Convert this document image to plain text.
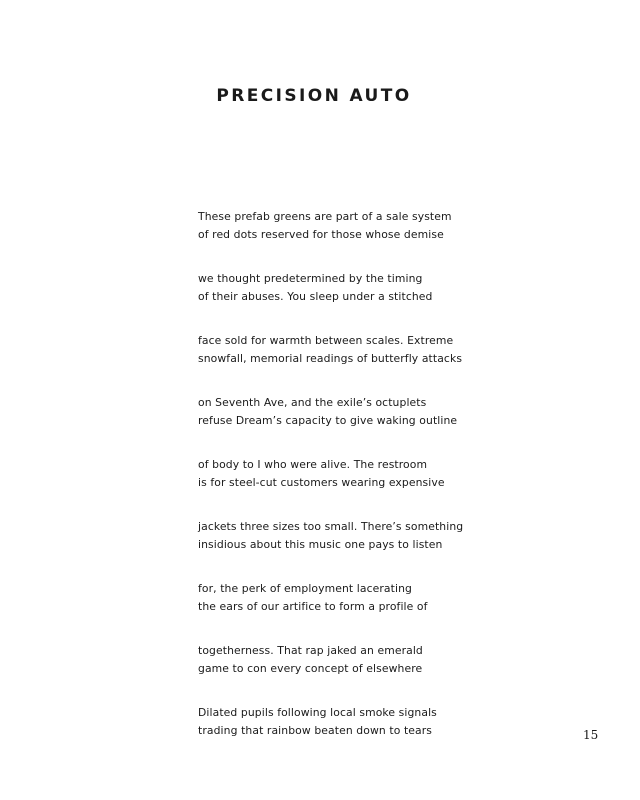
PRECISION AUTO
These prefab greens are part of a sale system
of red dots reserved for those whose demise
we thought predetermined by the timing
of their abuses. You sleep under a stitched
face sold for warmth between scales. Extreme
snowfall, memorial readings of butterfly attacks
on Seventh Ave, and the exile’s octuplets
refuse Dream’s capacity to give waking outline
of body to I who were alive. The restroom
is for steel-cut customers wearing expensive
jackets three sizes too small. There’s something
insidious about this music one pays to listen
for, the perk of employment lacerating
the ears of our artifice to form a profile of
togetherness. That rap jaked an emerald
game to con every concept of elsewhere
Dilated pupils following local smoke signals
trading that rainbow beaten down to tears	15
